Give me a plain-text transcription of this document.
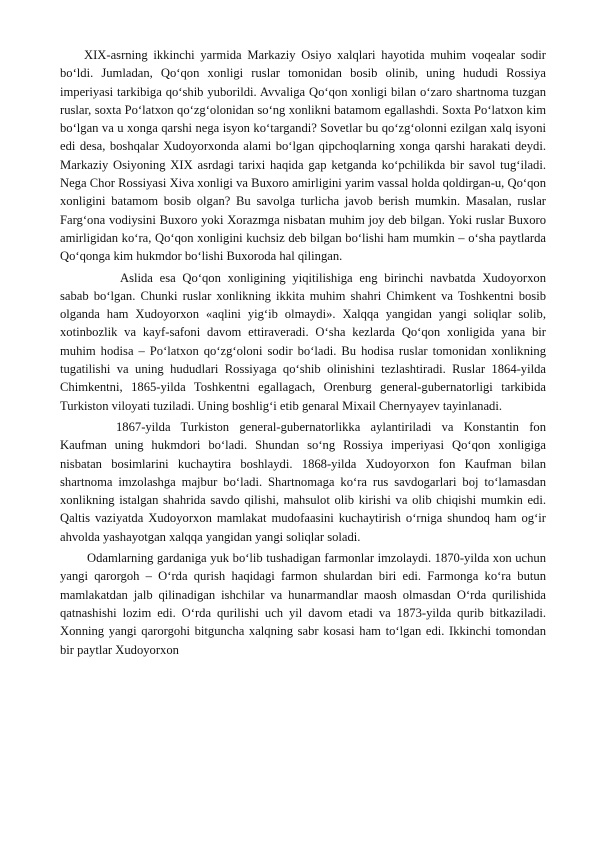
XIX-asrning ikkinchi yarmida Markaziy Osiyo xalqlari hayotida muhim voqealar sodir bo‘ldi. Jumladan, Qo‘qon xonligi ruslar tomonidan bosib olinib, uning hududi Rossiya imperiyasi tarkibiga qo‘shib yuborildi. Avvaliga Qo‘qon xonligi bilan o‘zaro shartnoma tuzgan ruslar, soxta Po‘latxon qo‘zg‘olonidan so‘ng xonlikni batamom egallashdi. Soxta Po‘latxon kim bo‘lgan va u xonga qarshi nega isyon ko‘targandi? Sovetlar bu qo‘zg‘olonni ezilgan xalq isyoni edi desa, boshqalar Xudoyorxonda alami bo‘lgan qipchoqlarning xonga qarshi harakati deydi. Markaziy Osiyoning XIX asrdagi tarixi haqida gap ketganda ko‘pchilikda bir savol tug‘iladi. Nega Chor Rossiyasi Xiva xonligi va Buxoro amirligini yarim vassal holda qoldirgan-u, Qo‘qon xonligini batamom bosib olgan? Bu savolga turlicha javob berish mumkin. Masalan, ruslar Farg‘ona vodiysini Buxoro yoki Xorazmga nisbatan muhim joy deb bilgan. Yoki ruslar Buxoro amirligidan ko‘ra, Qo‘qon xonligini kuchsiz deb bilgan bo‘lishi ham mumkin – o‘sha paytlarda Qo‘qonga kim hukmdor bo‘lishi Buxoroda hal qilingan.

Aslida esa Qo‘qon xonligining yiqitilishiga eng birinchi navbatda Xudoyorxon sabab bo‘lgan. Chunki ruslar xonlikning ikkita muhim shahri Chimkent va Toshkentni bosib olganda ham Xudoyorxon «aqlini yig‘ib olmaydi». Xalqqa yangidan yangi soliqlar solib, xotinbozlik va kayf-safoni davom ettiraveradi. O‘sha kezlarda Qo‘qon xonligida yana bir muhim hodisa – Po‘latxon qo‘zg‘oloni sodir bo‘ladi. Bu hodisa ruslar tomonidan xonlikning tugatilishi va uning hududlari Rossiyaga qo‘shib olinishini tezlashtiradi. Ruslar 1864-yilda Chimkentni, 1865-yilda Toshkentni egallagach, Orenburg general-gubernatorligi tarkibida Turkiston viloyati tuziladi. Uning boshlig‘i etib genaral Mixail Chernyayev tayinlanadi.

1867-yilda Turkiston general-gubernatorlikka aylantiriladi va Konstantin fon Kaufman uning hukmdori bo‘ladi. Shundan so‘ng Rossiya imperiyasi Qo‘qon xonligiga nisbatan bosimlarini kuchaytira boshlaydi. 1868-yilda Xudoyorxon fon Kaufman bilan shartnoma imzolashga majbur bo‘ladi. Shartnomaga ko‘ra rus savdogarlari boj to‘lamasdan xonlikning istalgan shahrida savdo qilishi, mahsulot olib kirishi va olib chiqishi mumkin edi. Qaltis vaziyatda Xudoyorxon mamlakat mudofaasini kuchaytirish o‘rniga shundoq ham og‘ir ahvolda yashayotgan xalqqa yangidan yangi soliqlar soladi.

Odamlarning gardaniga yuk bo‘lib tushadigan farmonlar imzolaydi. 1870-yilda xon uchun yangi qarorgoh – O‘rda qurish haqidagi farmon shulardan biri edi. Farmonga ko‘ra butun mamlakatdan jalb qilinadigan ishchilar va hunarmandlar maosh olmasdan O‘rda qurilishida qatnashishi lozim edi. O‘rda qurilishi uch yil davom etadi va 1873-yilda qurib bitkaziladi. Xonning yangi qarorgohi bitguncha xalqning sabr kosasi ham to‘lgan edi. Ikkinchi tomondan bir paytlar Xudoyorxon
